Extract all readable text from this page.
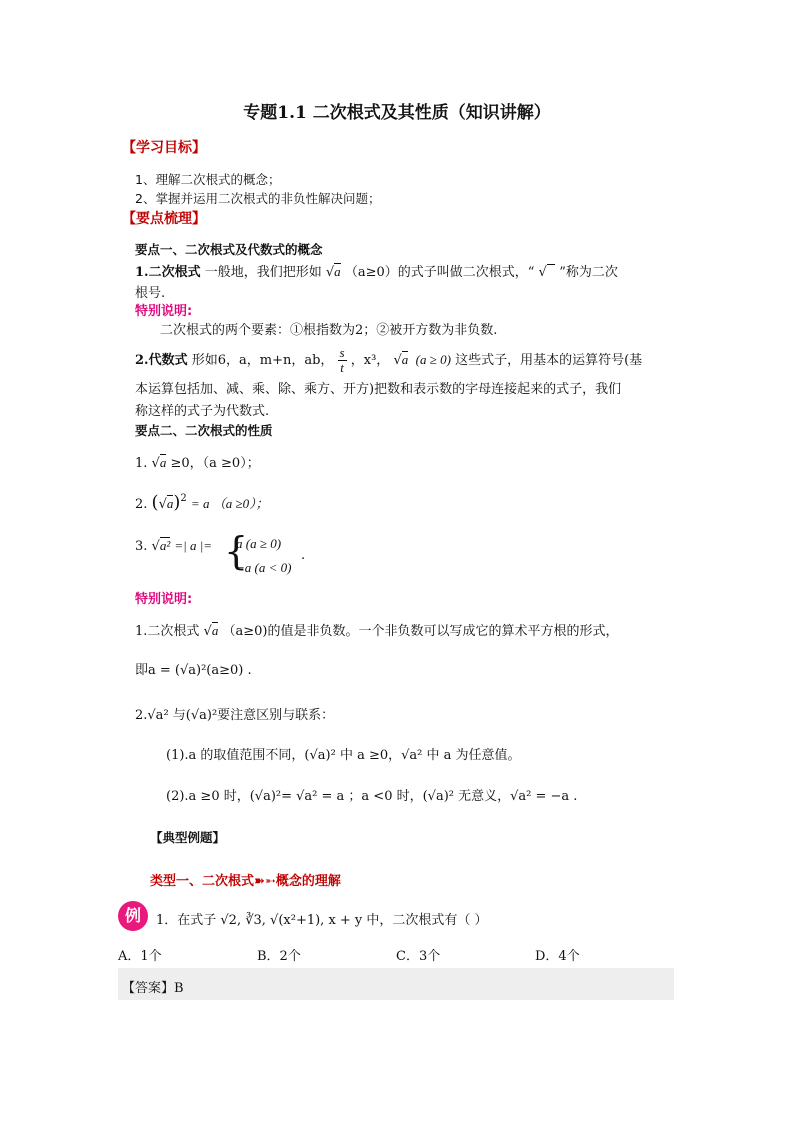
专题1.1 二次根式及其性质（知识讲解）
【学习目标】
1、理解二次根式的概念；
2、掌握并运用二次根式的非负性解决问题；
【要点梳理】
要点一、二次根式及代数式的概念
1.二次根式 一般地，我们把形如 √a （a≥0）的式子叫做二次根式，“ √ ”称为二次
根号.
特别说明:
二次根式的两个要素：①根指数为2；②被开方数为非负数.
2.代数式 形如6，a，m+n，ab， $\frac{s}{t}$ ，x³， √a  (a ≥ 0) 这些式子，用基本的运算符号(基
本运算包括加、减、乘、除、乘方、开方)把数和表示数的字母连接起来的式子，我们
称这样的式子为代数式.
要点二、二次根式的性质
1. √a ≥0，（a ≥0）；
2. $(√a)^2 = a$ （a ≥0）；
3. √a² =| a |= {
a (a ≥ 0)
−a (a < 0)
.
特别说明:
1.二次根式 √a （a≥0)的值是非负数。一个非负数可以写成它的算术平方根的形式，
即a = (√a)²(a≥0) .
2.√a² 与(√a)²要注意区别与联系：
(1).a 的取值范围不同，(√a)² 中 a ≥0，√a² 中 a 为任意值。
(2).a ≥0 时，(√a)²= √a² = a ；a <0 时，(√a)² 无意义，√a² = −a .
【典型例题】
类型一、二次根式➽➵概念的理解
例	1．在式子 √2, ∛3, √(x²+1), x + y 中，二次根式有（ ）
A．1个	B．2个	C．3个	D．4个
【答案】B
